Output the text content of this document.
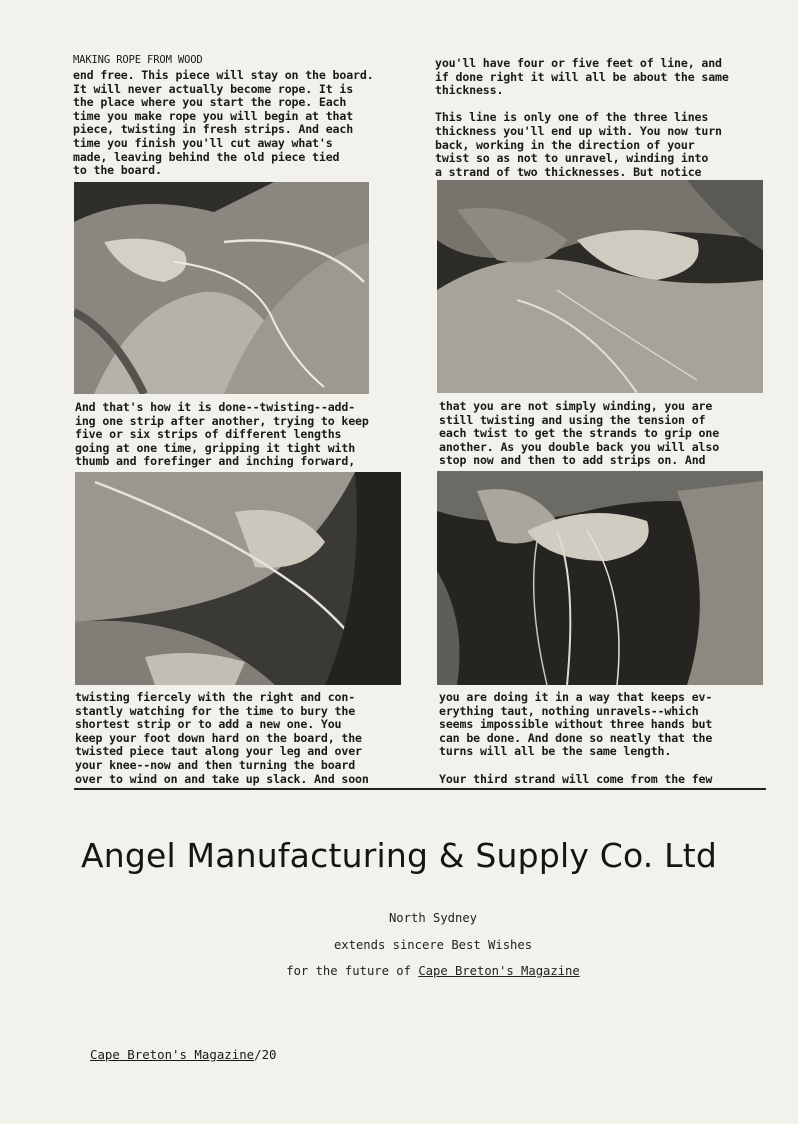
MAKING ROPE FROM WOOD
end free. This piece will stay on the board.
It will never actually become rope. It is
the place where you start the rope. Each
time you make rope you will begin at that
piece, twisting in fresh strips. And each
time you finish you'll cut away what's
made, leaving behind the old piece tied
to the board.
you'll have four or five feet of line, and
if done right it will all be about the same
thickness.

This line is only one of the three lines
thickness you'll end up with. You now turn
back, working in the direction of your
twist so as not to unravel, winding into
a strand of two thicknesses. But notice
And that's how it is done--twisting--add-
ing one strip after another, trying to keep
five or six strips of different lengths
going at one time, gripping it tight with
thumb and forefinger and inching forward,
that you are not simply winding, you are
still twisting and using the tension of
each twist to get the strands to grip one
another. As you double back you will also
stop now and then to add strips on. And
twisting fiercely with the right and con-
stantly watching for the time to bury the
shortest strip or to add a new one. You
keep your foot down hard on the board, the
twisted piece taut along your leg and over
your knee--now and then turning the board
over to wind on and take up slack. And soon
you are doing it in a way that keeps ev-
erything taut, nothing unravels--which
seems impossible without three hands but
can be done. And done so neatly that the
turns will all be the same length.
Your third strand will come from the few
Angel Manufacturing & Supply Co. Ltd
North Sydney
extends sincere Best Wishes
for the future of Cape Breton's Magazine
Cape Breton's Magazine/20
